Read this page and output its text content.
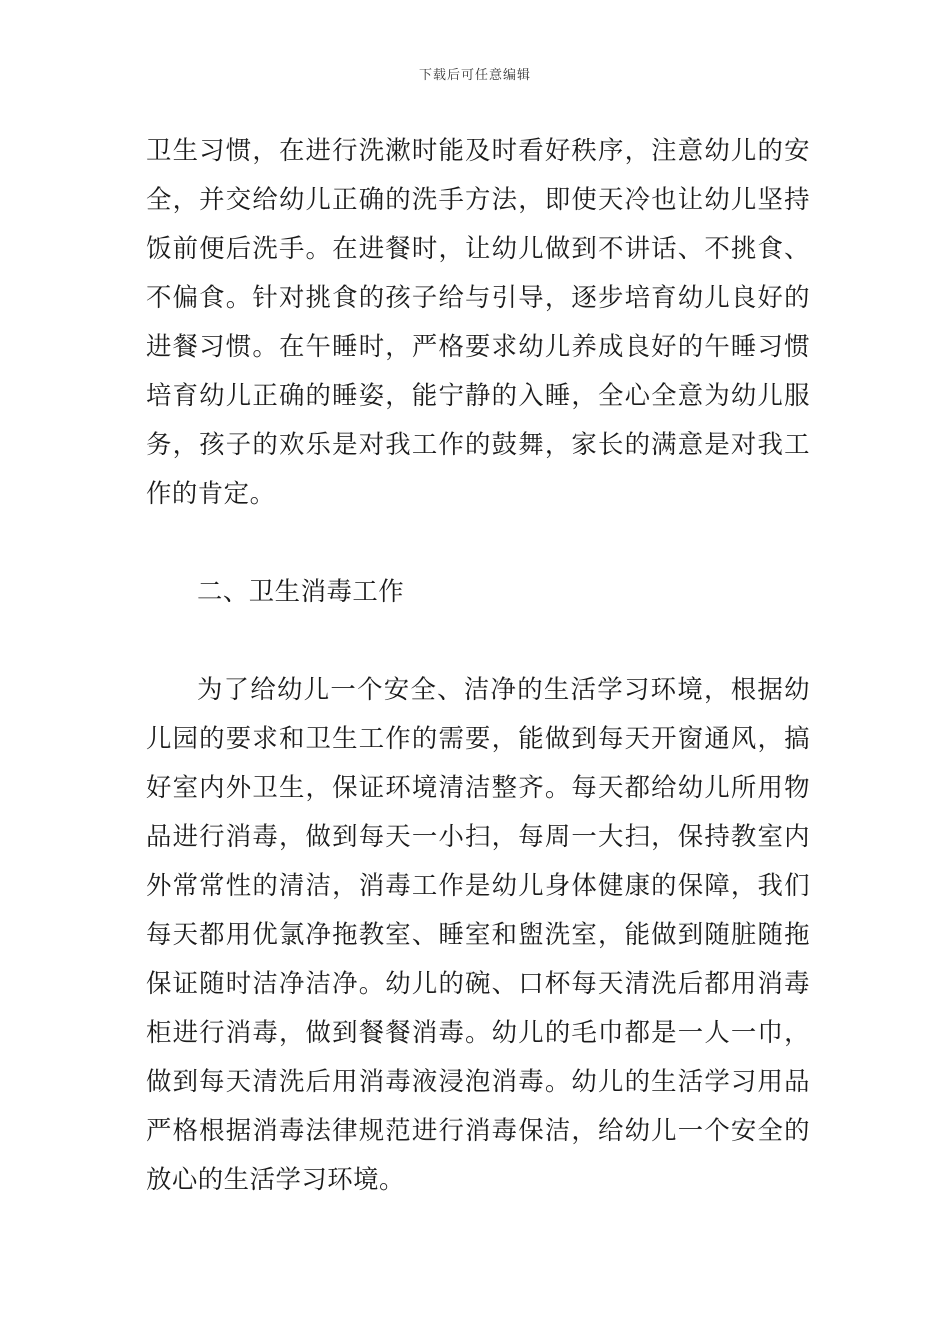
下载后可任意编辑

卫生习惯，在进行洗漱时能及时看好秩序，注意幼儿的安全，并交给幼儿正确的洗手方法，即使天冷也让幼儿坚持饭前便后洗手。在进餐时，让幼儿做到不讲话、不挑食、不偏食。针对挑食的孩子给与引导，逐步培育幼儿良好的进餐习惯。在午睡时，严格要求幼儿养成良好的午睡习惯培育幼儿正确的睡姿，能宁静的入睡，全心全意为幼儿服务，孩子的欢乐是对我工作的鼓舞，家长的满意是对我工作的肯定。

二、卫生消毒工作

为了给幼儿一个安全、洁净的生活学习环境，根据幼儿园的要求和卫生工作的需要，能做到每天开窗通风，搞好室内外卫生，保证环境清洁整齐。每天都给幼儿所用物品进行消毒，做到每天一小扫，每周一大扫，保持教室内外常常性的清洁，消毒工作是幼儿身体健康的保障，我们每天都用优氯净拖教室、睡室和盥洗室，能做到随脏随拖保证随时洁净洁净。幼儿的碗、口杯每天清洗后都用消毒柜进行消毒，做到餐餐消毒。幼儿的毛巾都是一人一巾，做到每天清洗后用消毒液浸泡消毒。幼儿的生活学习用品严格根据消毒法律规范进行消毒保洁，给幼儿一个安全的放心的生活学习环境。
